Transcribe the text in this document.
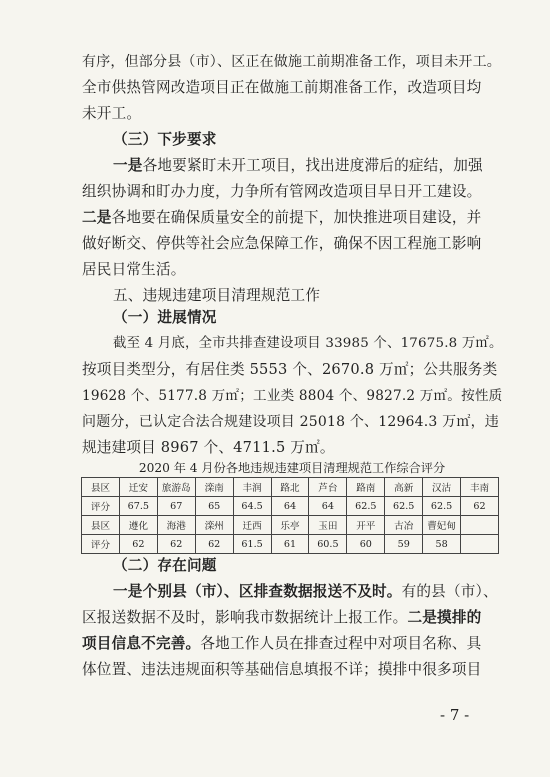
有序，但部分县（市）、区正在做施工前期准备工作，项目未开工。
全市供热管网改造项目正在做施工前期准备工作，改造项目均
未开工。
（三）下步要求
一是各地要紧盯未开工项目，找出进度滞后的症结，加强
组织协调和盯办力度，力争所有管网改造项目早日开工建设。
二是各地要在确保质量安全的前提下，加快推进项目建设，并
做好断交、停供等社会应急保障工作，确保不因工程施工影响
居民日常生活。
五、违规违建项目清理规范工作
（一）进展情况
截至 4 月底，全市共排查建设项目 33985 个、17675.8 万㎡。
按项目类型分，有居住类 5553 个、2670.8 万㎡；公共服务类
19628 个、5177.8 万㎡；工业类 8804 个、9827.2 万㎡。按性质
问题分，已认定合法合规建设项目 25018 个、12964.3 万㎡，违
规违建项目 8967 个、4711.5 万㎡。
2020 年 4 月份各地违规违建项目清理规范工作综合评分
县区	迁安	旅游岛	滦南	丰润	路北	芦台	路南	高新	汉沽	丰南
评分	67.5	67	65	64.5	64	64	62.5	62.5	62.5	62
县区	遵化	海港	滦州	迁西	乐亭	玉田	开平	古冶	曹妃甸	
评分	62	62	62	61.5	61	60.5	60	59	58	
（二）存在问题
一是个别县（市）、区排查数据报送不及时。有的县（市）、
区报送数据不及时，影响我市数据统计上报工作。二是摸排的
项目信息不完善。各地工作人员在排查过程中对项目名称、具
体位置、违法违规面积等基础信息填报不详；摸排中很多项目
- 7 -
